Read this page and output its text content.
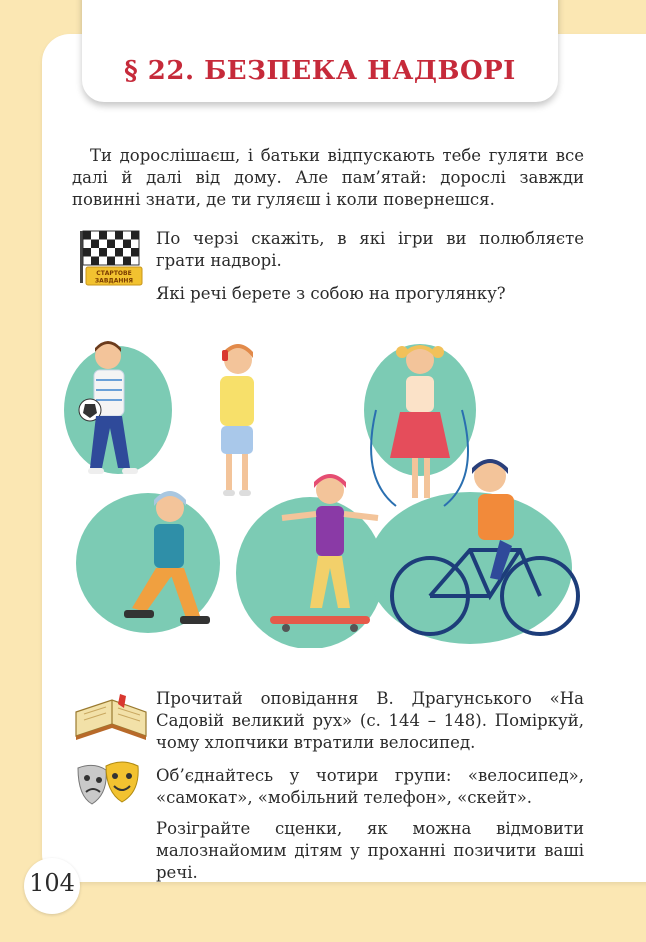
§ 22. БЕЗПЕКА НАДВОРІ

Ти дорослішаєш, і батьки відпускають тебе гуляти все далі й далі від дому. Але пам’ятай: дорослі завжди повинні знати, де ти гуляєш і коли повернешся.

СТАРТОВЕ
ЗАВДАННЯ

По черзі скажіть, в які ігри ви полюбляєте грати надворі.

Які речі берете з собою на прогулянку?

Прочитай оповідання В. Драгунського «На Садовій великий рух» (с. 144 – 148). Поміркуй, чому хлопчики втратили велосипед.

Об’єднайтесь у чотири групи: «велосипед», «самокат», «мобільний телефон», «скейт».

Розіграйте сценки, як можна відмовити малознайомим дітям у проханні позичити ваші речі.

104
